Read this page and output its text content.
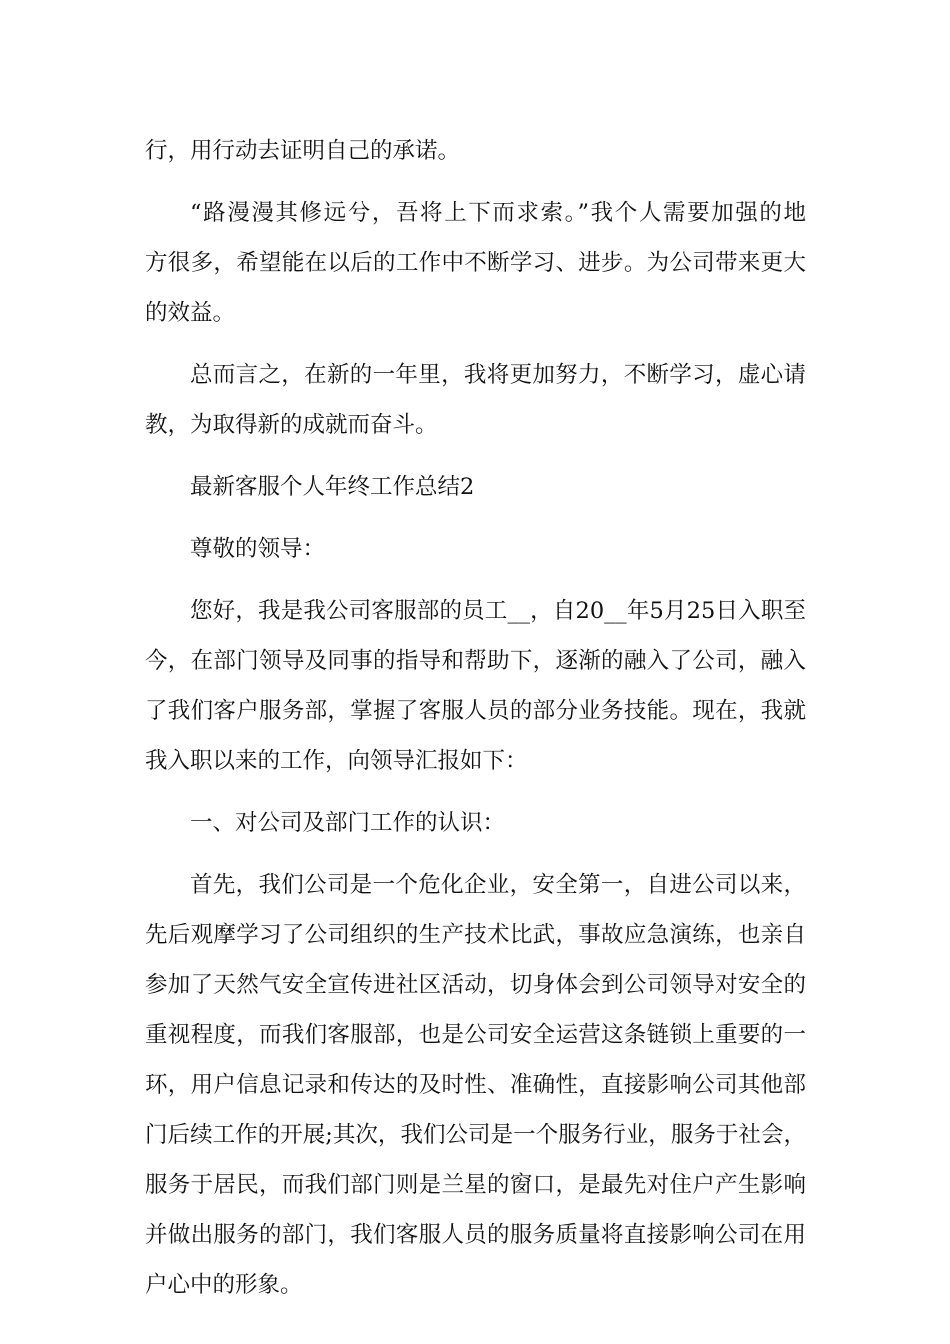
行，用行动去证明自己的承诺。
“路漫漫其修远兮，吾将上下而求索。”我个人需要加强的地
方很多，希望能在以后的工作中不断学习、进步。为公司带来更大
的效益。
总而言之，在新的一年里，我将更加努力，不断学习，虚心请
教，为取得新的成就而奋斗。
最新客服个人年终工作总结2
尊敬的领导：
您好，我是我公司客服部的员工__，自20__年5月25日入职至
今，在部门领导及同事的指导和帮助下，逐渐的融入了公司，融入
了我们客户服务部，掌握了客服人员的部分业务技能。现在，我就
我入职以来的工作，向领导汇报如下：
一、对公司及部门工作的认识：
首先，我们公司是一个危化企业，安全第一，自进公司以来，
先后观摩学习了公司组织的生产技术比武，事故应急演练，也亲自
参加了天然气安全宣传进社区活动，切身体会到公司领导对安全的
重视程度，而我们客服部，也是公司安全运营这条链锁上重要的一
环，用户信息记录和传达的及时性、准确性，直接影响公司其他部
门后续工作的开展;其次，我们公司是一个服务行业，服务于社会，
服务于居民，而我们部门则是兰星的窗口，是最先对住户产生影响
并做出服务的部门，我们客服人员的服务质量将直接影响公司在用
户心中的形象。
